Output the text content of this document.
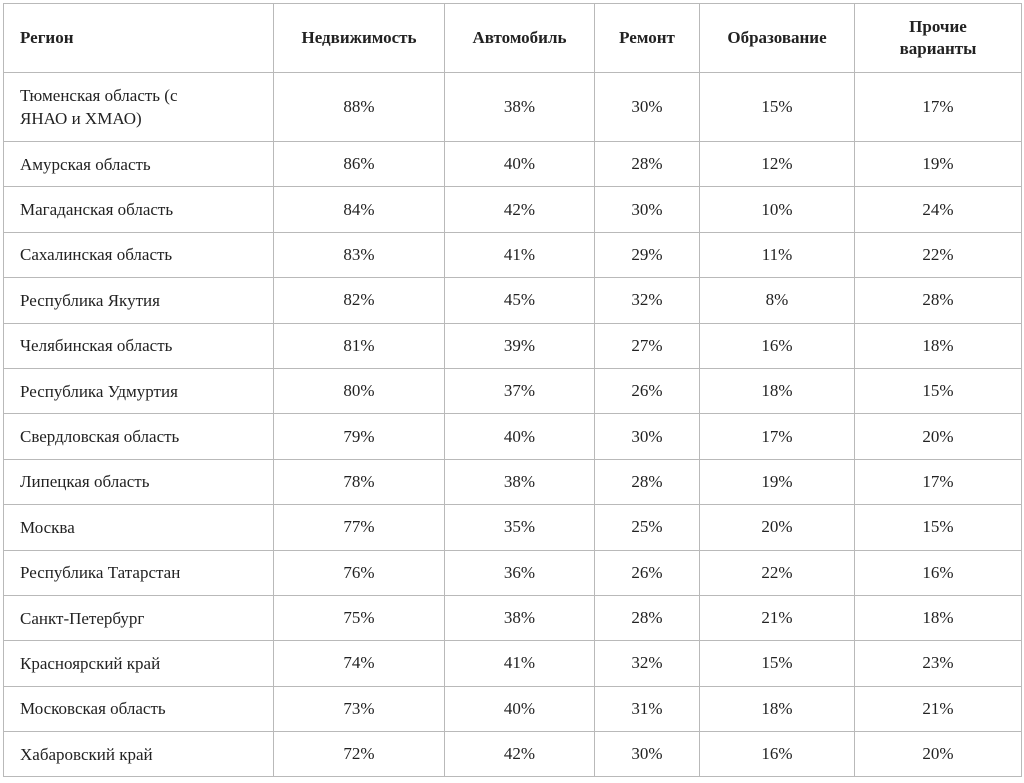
Регион	Недвижимость	Автомобиль	Ремонт	Образование	Прочие варианты
Тюменская область (с ЯНАО и ХМАО)	88%	38%	30%	15%	17%
Амурская область	86%	40%	28%	12%	19%
Магаданская область	84%	42%	30%	10%	24%
Сахалинская область	83%	41%	29%	11%	22%
Республика Якутия	82%	45%	32%	8%	28%
Челябинская область	81%	39%	27%	16%	18%
Республика Удмуртия	80%	37%	26%	18%	15%
Свердловская область	79%	40%	30%	17%	20%
Липецкая область	78%	38%	28%	19%	17%
Москва	77%	35%	25%	20%	15%
Республика Татарстан	76%	36%	26%	22%	16%
Санкт-Петербург	75%	38%	28%	21%	18%
Красноярский край	74%	41%	32%	15%	23%
Московская область	73%	40%	31%	18%	21%
Хабаровский край	72%	42%	30%	16%	20%
